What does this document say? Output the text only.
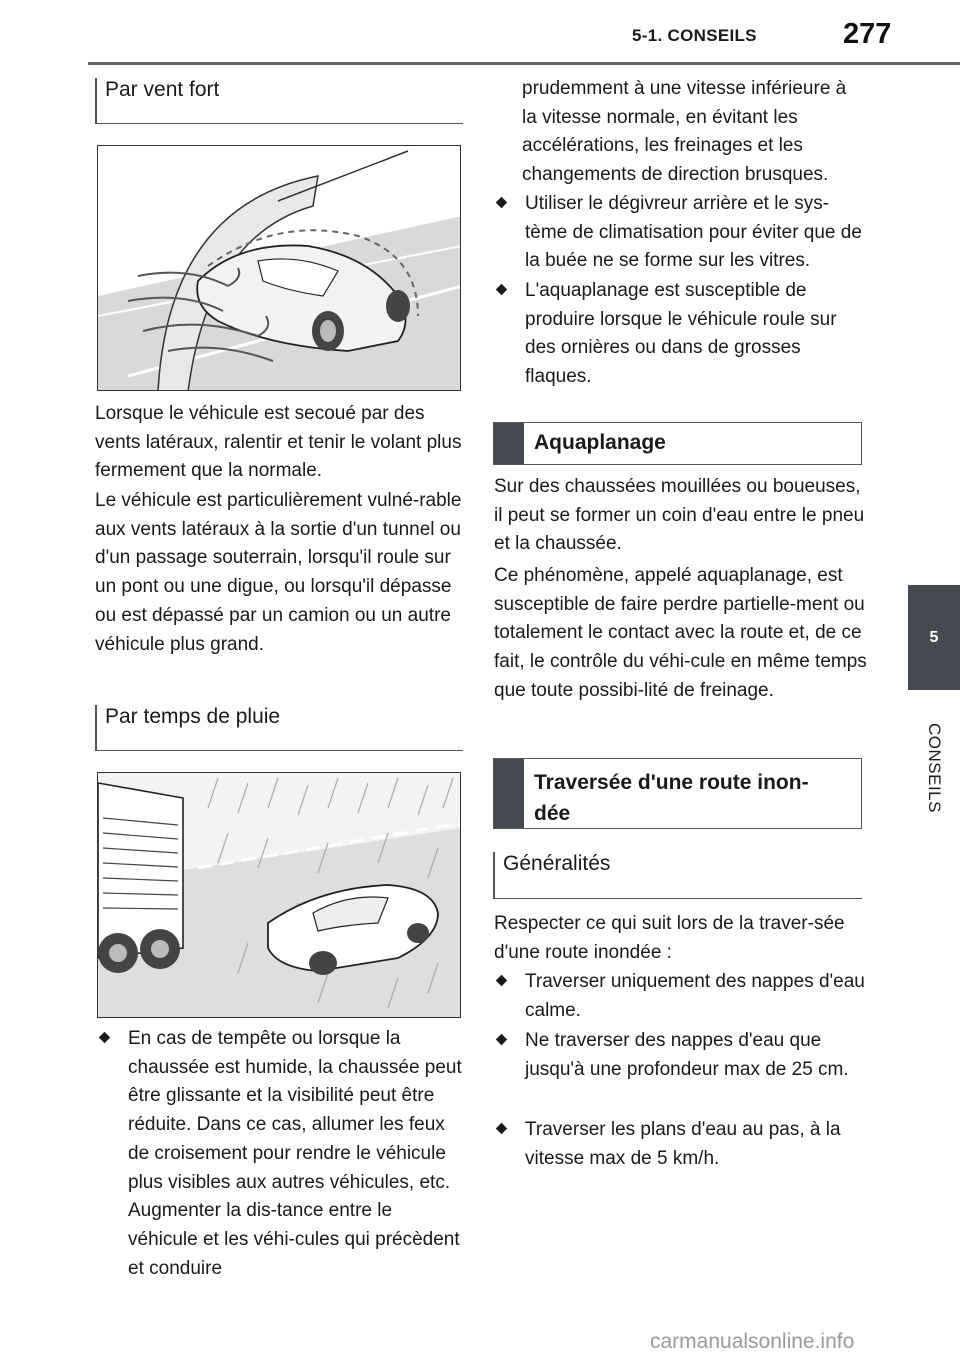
5-1. CONSEILS	277
5
CONSEILS
Par vent fort

Lorsque le véhicule est secoué par des vents latéraux, ralentir et tenir le volant plus fermement que la normale.

Le véhicule est particulièrement vulné-rable aux vents latéraux à la sortie d'un tunnel ou d'un passage souterrain, lorsqu'il roule sur un pont ou une digue, ou lorsqu'il dépasse ou est dépassé par un camion ou un autre véhicule plus grand.

Par temps de pluie
En cas de tempête ou lorsque la chaussée est humide, la chaussée peut être glissante et la visibilité peut être réduite. Dans ce cas, allumer les feux de croisement pour rendre le véhicule plus visibles aux autres véhicules, etc. Augmenter la dis-tance entre le véhicule et les véhi-cules qui précèdent et conduire

prudemment à une vitesse inférieure à la vitesse normale, en évitant les accélérations, les freinages et les changements de direction brusques.

Utiliser le dégivreur arrière et le sys-tème de climatisation pour éviter que de la buée ne se forme sur les vitres.
L'aquaplanage est susceptible de produire lorsque le véhicule roule sur des ornières ou dans de grosses flaques.
Aquaplanage

Sur des chaussées mouillées ou boueuses, il peut se former un coin d'eau entre le pneu et la chaussée.

Ce phénomène, appelé aquaplanage, est susceptible de faire perdre partielle-ment ou totalement le contact avec la route et, de ce fait, le contrôle du véhi-cule en même temps que toute possibi-lité de freinage.

Traversée d'une route inon-dée
Généralités

Respecter ce qui suit lors de la traver-sée d'une route inondée :

Traverser uniquement des nappes d'eau calme.
Ne traverser des nappes d'eau que jusqu'à une profondeur max de 25 cm.
Traverser les plans d'eau au pas, à la vitesse max de 5 km/h.
carmanualsonline.info
